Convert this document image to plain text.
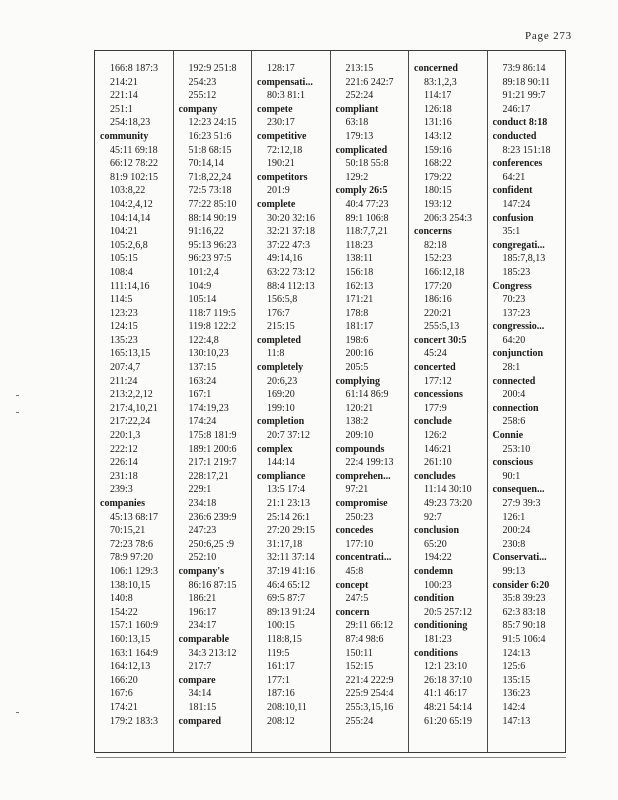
Page 273
166:8 187:3
214:21
221:14
251:1
254:18,23
community
45:11 69:18
66:12 78:22
81:9 102:15
103:8,22
104:2,4,12
104:14,14
104:21
105:2,6,8
105:15
108:4
111:14,16
114:5
123:23
124:15
135:23
165:13,15
207:4,7
211:24
213:2,2,12
217:4,10,21
217:22,24
220:1,3
222:12
226:14
231:18
239:3
companies
45:13 68:17
70:15,21
72:23 78:6
78:9 97:20
106:1 129:3
138:10,15
140:8
154:22
157:1 160:9
160:13,15
163:1 164:9
164:12,13
166:20
167:6
174:21
179:2 183:3
192:9 251:8
254:23
255:12
company
12:23 24:15
16:23 51:6
51:8 68:15
70:14,14
71:8,22,24
72:5 73:18
77:22 85:10
88:14 90:19
91:16,22
95:13 96:23
96:23 97:5
101:2,4
104:9
105:14
118:7 119:5
119:8 122:2
122:4,8
130:10,23
137:15
163:24
167:1
174:19,23
174:24
175:8 181:9
189:1 200:6
217:1 219:7
228:17,21
229:1
234:18
236:6 239:9
247:23
250:6,25 :9
252:10
company's
86:16 87:15
186:21
196:17
234:17
comparable
34:3 213:12
217:7
compare
34:14
181:15
compared
128:17
compensati...
80:3 81:1
compete
230:17
competitive
72:12,18
190:21
competitors
201:9
complete
30:20 32:16
32:21 37:18
37:22 47:3
49:14,16
63:22 73:12
88:4 112:13
156:5,8
176:7
215:15
completed
11:8
completely
20:6,23
169:20
199:10
completion
20:7 37:12
complex
144:14
compliance
13:5 17:4
21:1 23:13
25:14 26:1
27:20 29:15
31:17,18
32:11 37:14
37:19 41:16
46:4 65:12
69:5 87:7
89:13 91:24
100:15
118:8,15
119:5
161:17
177:1
187:16
208:10,11
208:12
213:15
221:6 242:7
252:24
compliant
63:18
179:13
complicated
50:18 55:8
129:2
comply 26:5
40:4 77:23
89:1 106:8
118:7,7,21
118:23
138:11
156:18
162:13
171:21
178:8
181:17
198:6
200:16
205:5
complying
61:14 86:9
120:21
138:2
209:10
compounds
22:4 199:13
comprehen...
97:21
compromise
250:23
concedes
177:10
concentrati...
45:8
concept
247:5
concern
29:11 66:12
87:4 98:6
150:11
152:15
221:4 222:9
225:9 254:4
255:3,15,16
255:24
concerned
83:1,2,3
114:17
126:18
131:16
143:12
159:16
168:22
179:22
180:15
193:12
206:3 254:3
concerns
82:18
152:23
166:12,18
177:20
186:16
220:21
255:5,13
concert 30:5
45:24
concerted
177:12
concessions
177:9
conclude
126:2
146:21
261:10
concludes
11:14 30:10
49:23 73:20
92:7
conclusion
65:20
194:22
condemn
100:23
condition
20:5 257:12
conditioning
181:23
conditions
12:1 23:10
26:18 37:10
41:1 46:17
48:21 54:14
61:20 65:19
73:9 86:14
89:18 90:11
91:21 99:7
246:17
conduct 8:18
conducted
8:23 151:18
conferences
64:21
confident
147:24
confusion
35:1
congregati...
185:7,8,13
185:23
Congress
70:23
137:23
congressio...
64:20
conjunction
28:1
connected
200:4
connection
258:6
Connie
253:10
conscious
90:1
consequen...
27:9 39:3
126:1
200:24
230:8
Conservati...
99:13
consider 6:20
35:8 39:23
62:3 83:18
85:7 90:18
91:5 106:4
124:13
125:6
135:15
136:23
142:4
147:13
